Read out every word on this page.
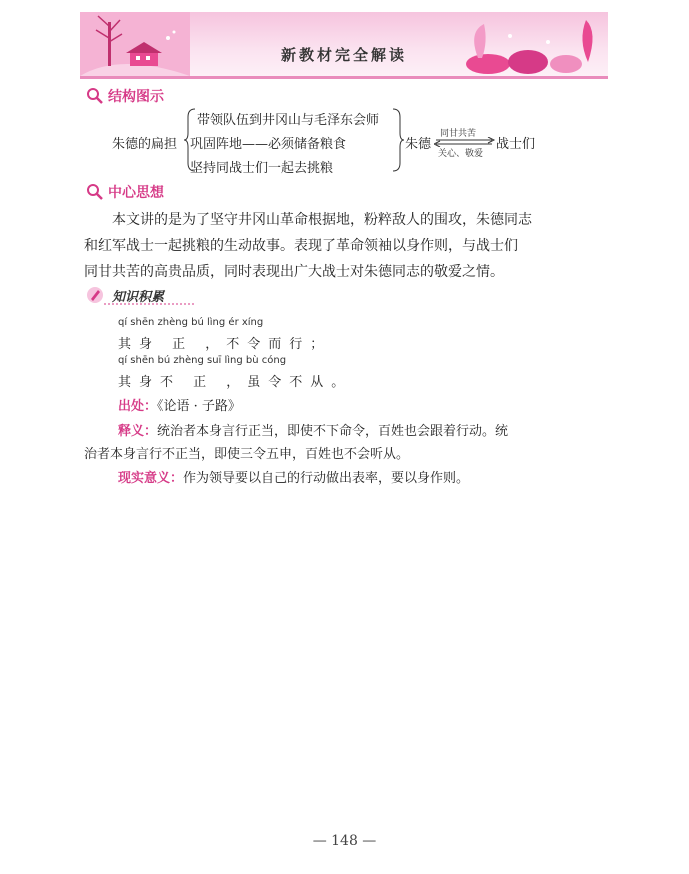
新教材完全解读
结构图示
朱德的扁担
带领队伍到井冈山与毛泽东会师
巩固阵地——必须储备粮食
坚持同战士们一起去挑粮
朱德
同甘共苦
关心、敬爱
战士们
中心思想
本文讲的是为了坚守井冈山革命根据地，粉粹敌人的围攻，朱德同志
和红军战士一起挑粮的生动故事。表现了革命领袖以身作则，与战士们
同甘共苦的高贵品质，同时表现出广大战士对朱德同志的敬爱之情。
知识积累
qí shēn zhèng bú lìng ér xíng
其身 正 ，不令而行；
qí shēn bú zhèng suī lìng bù cóng
其身不 正 ，虽令不从。
出处：《论语 · 子路》
释义：统治者本身言行正当，即使不下命令，百姓也会跟着行动。统
治者本身言行不正当，即使三令五申，百姓也不会听从。
现实意义：作为领导要以自己的行动做出表率，要以身作则。
— 148 —
